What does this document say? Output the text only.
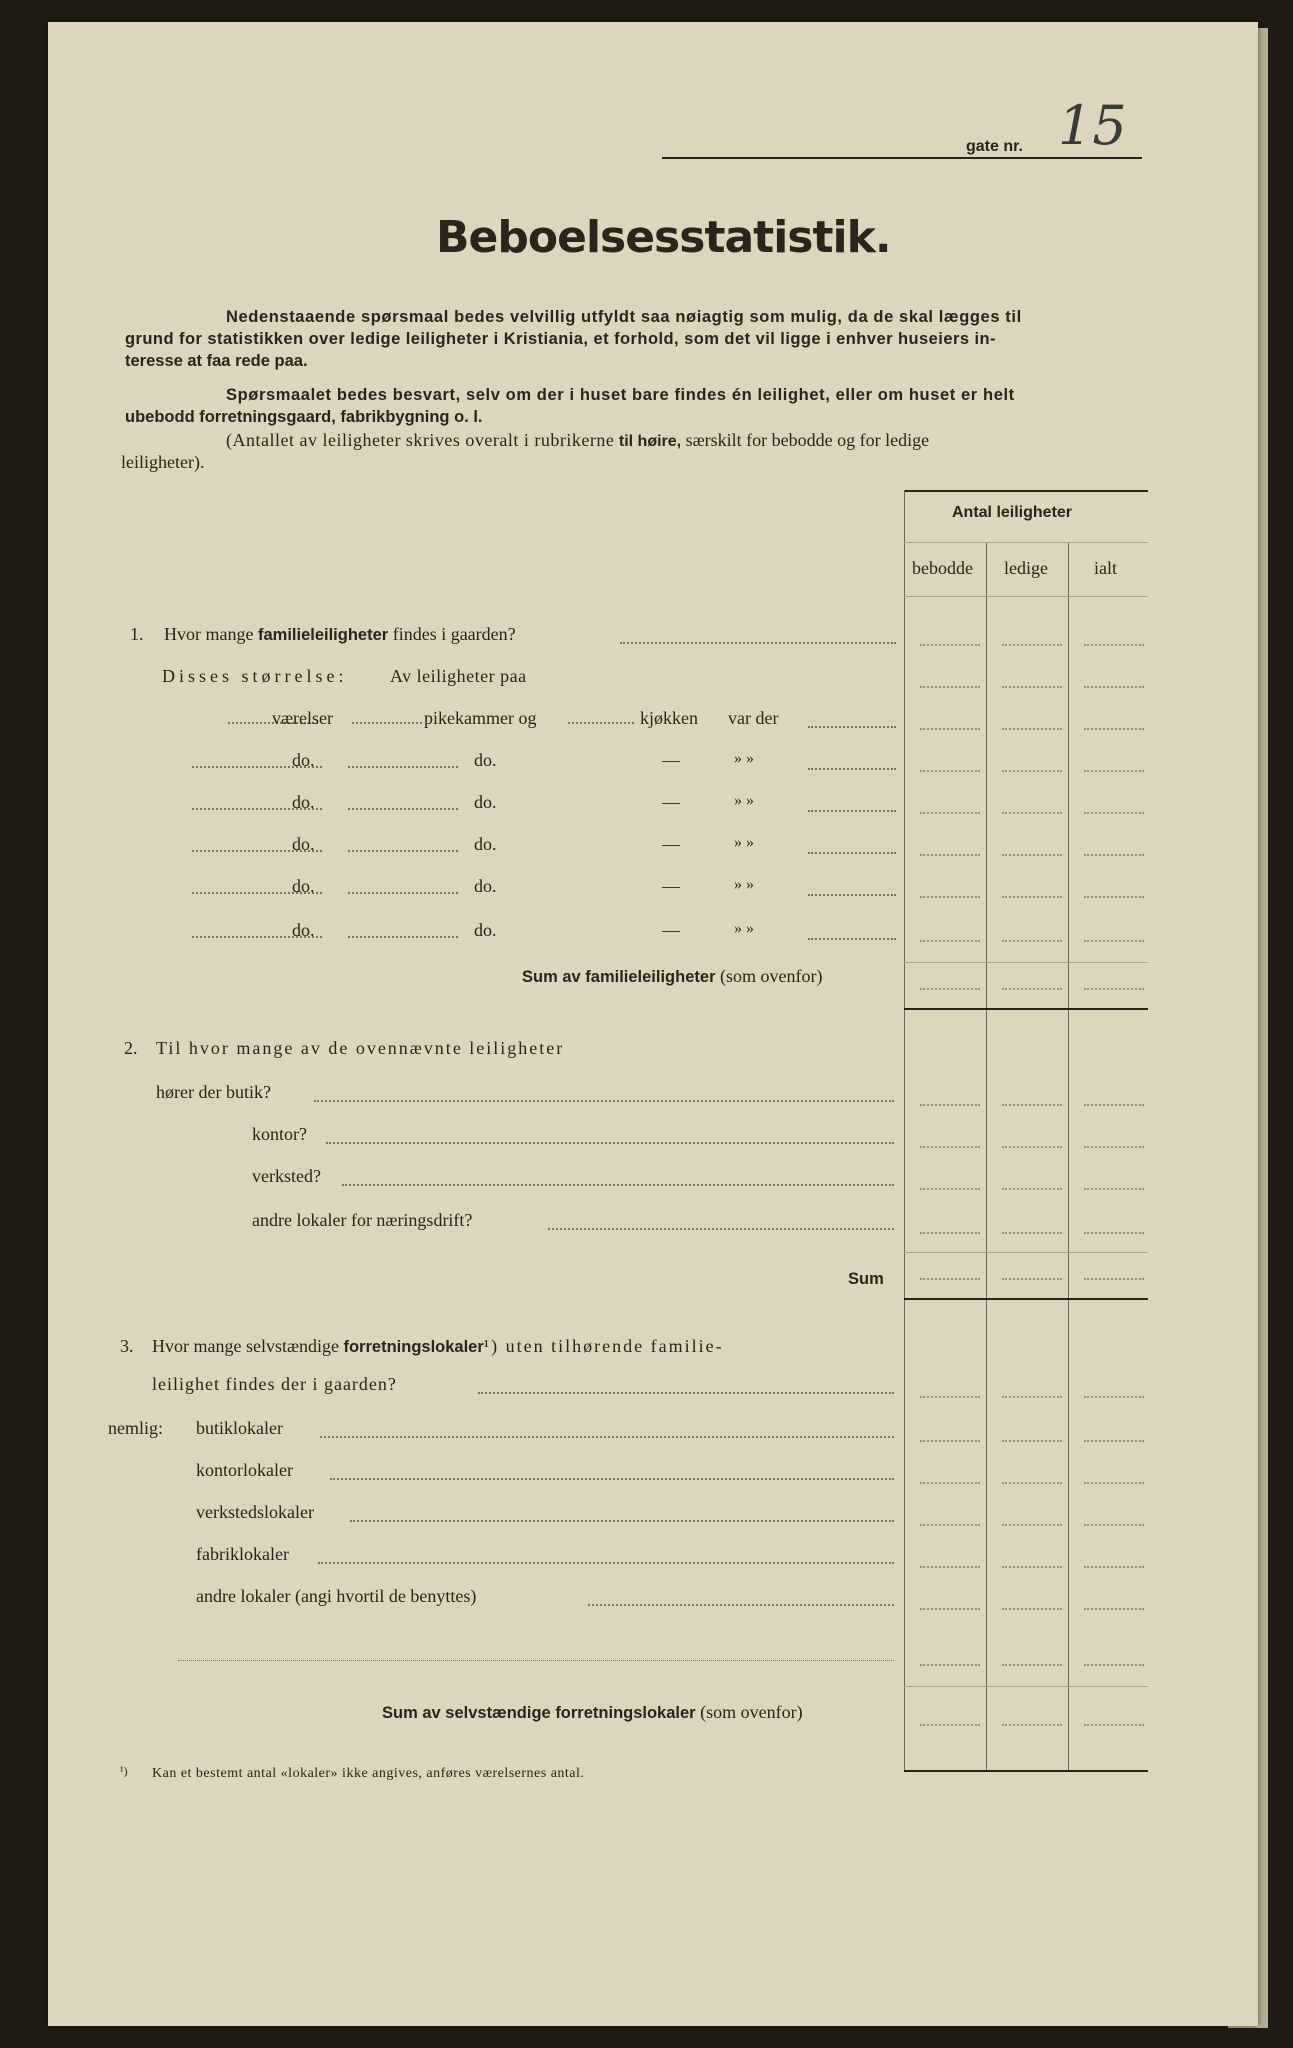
gate nr. 15
Beboelsesstatistik.
Nedenstaaende spørsmaal bedes velvillig utfyldt saa nøiagtig som mulig, da de skal lægges til
grund for statistikken over ledige leiligheter i Kristiania, et forhold, som det vil ligge i enhver huseiers in-
teresse at faa rede paa.
Spørsmaalet bedes besvart, selv om der i huset bare findes én leilighet, eller om huset er helt
ubebodd forretningsgaard, fabrikbygning o. l.
(Antallet av leiligheter skrives overalt i rubrikerne til høire, særskilt for bebodde og for ledige
leiligheter).
Antal leiligheter
bebodde ledige	ialt
1. Hvor mange familieleiligheter findes i gaarden?
Disses størrelse: Av leiligheter paa
værelser	pikekammer og	kjøkken var der
do.	do.	—	» »
do.	do.	—	» »
do.	do.	—	» »
do.	do.	—	» »
do.	do.	—	» »
Sum av familieleiligheter (som ovenfor)
2. Til hvor mange av de ovennævnte leiligheter
hører der butik?
kontor?
verksted?
andre lokaler for næringsdrift?
Sum
3. Hvor mange selvstændige forretningslokaler¹) uten tilhørende familie-
leilighet findes der i gaarden?
nemlig: butiklokaler
kontorlokaler
verkstedslokaler
fabriklokaler
andre lokaler (angi hvortil de benyttes)
Sum av selvstændige forretningslokaler (som ovenfor)
¹) Kan et bestemt antal «lokaler» ikke angives, anføres værelsernes antal.
